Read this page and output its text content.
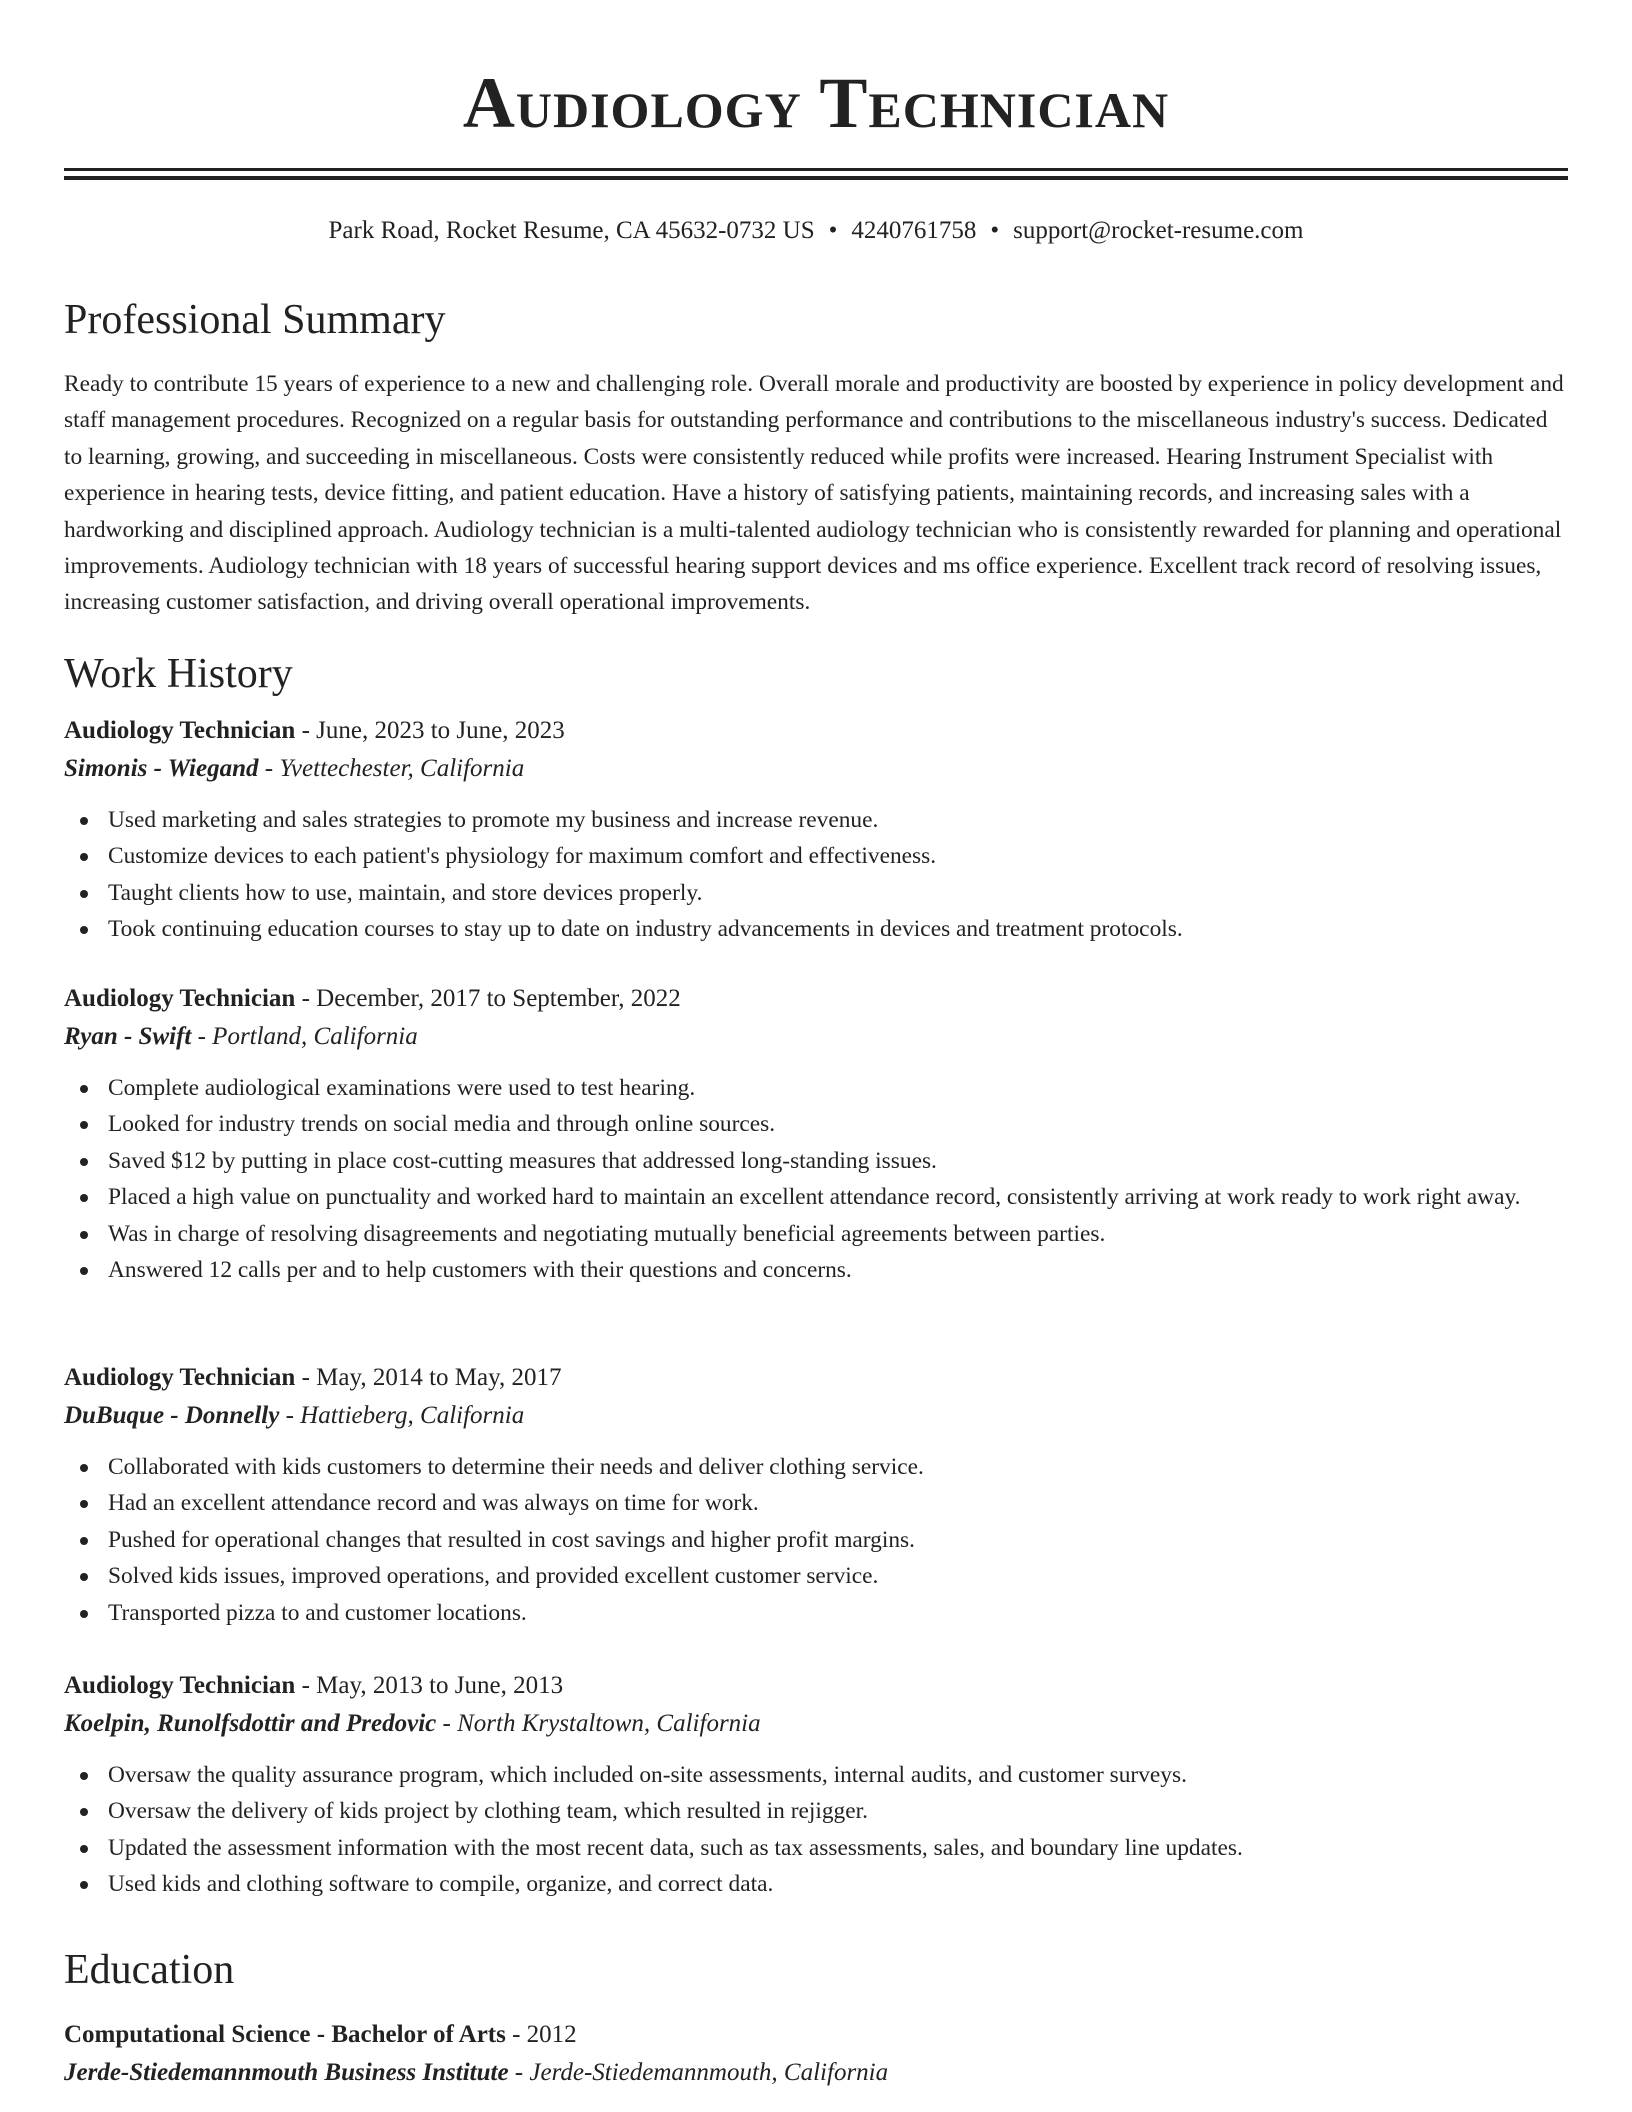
Audiology Technician
Park Road, Rocket Resume, CA 45632-0732 US • 4240761758 • support@rocket-resume.com
Professional Summary

Ready to contribute 15 years of experience to a new and challenging role. Overall morale and productivity are boosted by experience in policy development and staff management procedures. Recognized on a regular basis for outstanding performance and contributions to the miscellaneous industry's success. Dedicated to learning, growing, and succeeding in miscellaneous. Costs were consistently reduced while profits were increased. Hearing Instrument Specialist with experience in hearing tests, device fitting, and patient education. Have a history of satisfying patients, maintaining records, and increasing sales with a hardworking and disciplined approach. Audiology technician is a multi-talented audiology technician who is consistently rewarded for planning and operational improvements. Audiology technician with 18 years of successful hearing support devices and ms office experience. Excellent track record of resolving issues, increasing customer satisfaction, and driving overall operational improvements.

Work History

Audiology Technician - June, 2023 to June, 2023

Simonis - Wiegand - Yvettechester, California

Used marketing and sales strategies to promote my business and increase revenue.
Customize devices to each patient's physiology for maximum comfort and effectiveness.
Taught clients how to use, maintain, and store devices properly.
Took continuing education courses to stay up to date on industry advancements in devices and treatment protocols.

Audiology Technician - December, 2017 to September, 2022

Ryan - Swift - Portland, California

Complete audiological examinations were used to test hearing.
Looked for industry trends on social media and through online sources.
Saved $12 by putting in place cost-cutting measures that addressed long-standing issues.
Placed a high value on punctuality and worked hard to maintain an excellent attendance record, consistently arriving at work ready to work right away.
Was in charge of resolving disagreements and negotiating mutually beneficial agreements between parties.
Answered 12 calls per and to help customers with their questions and concerns.

Audiology Technician - May, 2014 to May, 2017

DuBuque - Donnelly - Hattieberg, California

Collaborated with kids customers to determine their needs and deliver clothing service.
Had an excellent attendance record and was always on time for work.
Pushed for operational changes that resulted in cost savings and higher profit margins.
Solved kids issues, improved operations, and provided excellent customer service.
Transported pizza to and customer locations.

Audiology Technician - May, 2013 to June, 2013

Koelpin, Runolfsdottir and Predovic - North Krystaltown, California

Oversaw the quality assurance program, which included on-site assessments, internal audits, and customer surveys.
Oversaw the delivery of kids project by clothing team, which resulted in rejigger.
Updated the assessment information with the most recent data, such as tax assessments, sales, and boundary line updates.
Used kids and clothing software to compile, organize, and correct data.
Education

Computational Science - Bachelor of Arts - 2012

Jerde-Stiedemannmouth Business Institute - Jerde-Stiedemannmouth, California
